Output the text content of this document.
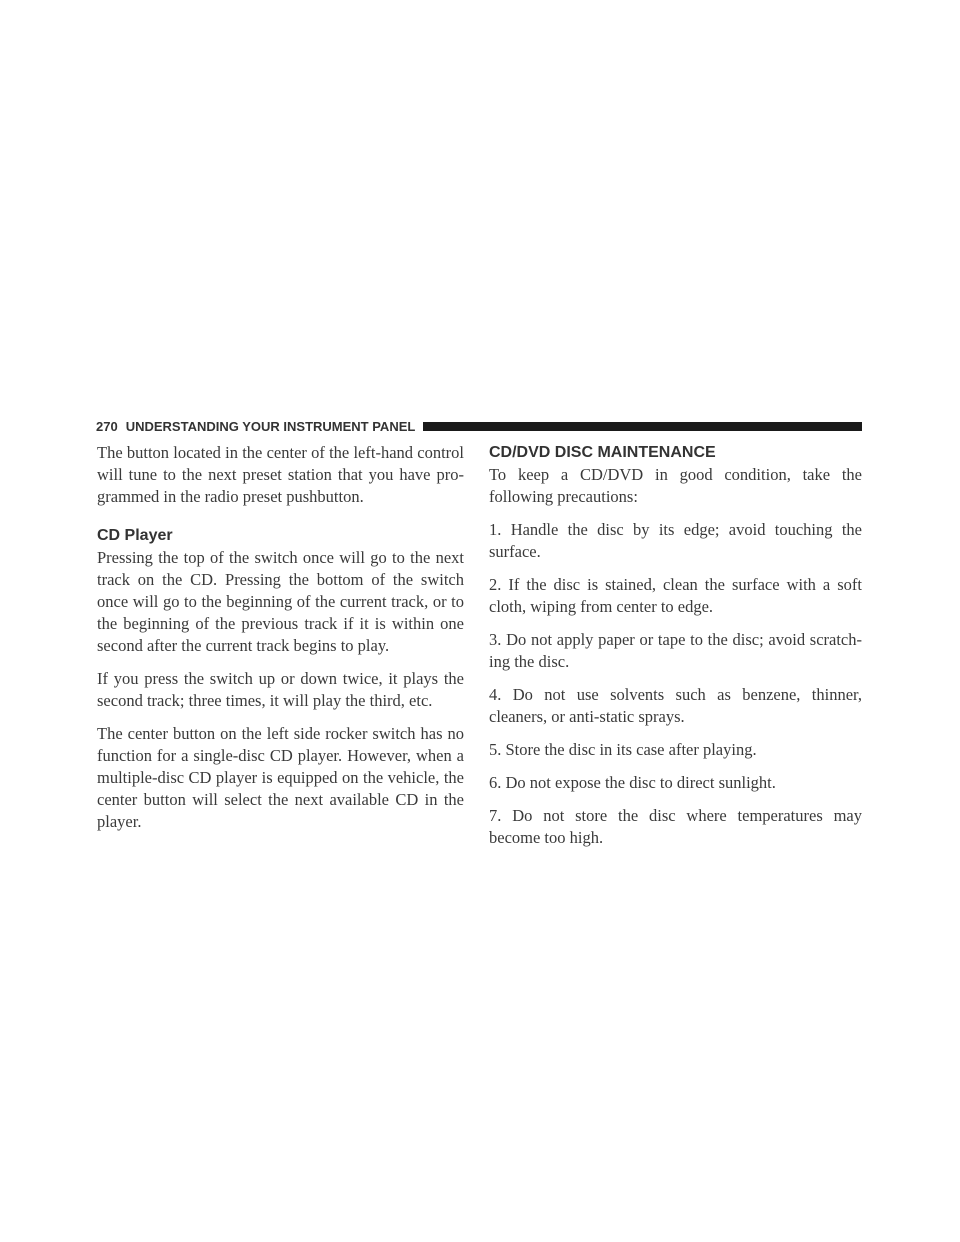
270 UNDERSTANDING YOUR INSTRUMENT PANEL

The button located in the center of the left-hand control will tune to the next preset station that you have pro-grammed in the radio preset pushbutton.

CD Player

Pressing the top of the switch once will go to the next track on the CD. Pressing the bottom of the switch once will go to the beginning of the current track, or to the beginning of the previous track if it is within one second after the current track begins to play.

If you press the switch up or down twice, it plays the second track; three times, it will play the third, etc.

The center button on the left side rocker switch has no function for a single-disc CD player. However, when a multiple-disc CD player is equipped on the vehicle, the center button will select the next available CD in the player.

CD/DVD DISC MAINTENANCE

To keep a CD/DVD in good condition, take the following precautions:

1. Handle the disc by its edge; avoid touching the surface.

2. If the disc is stained, clean the surface with a soft cloth, wiping from center to edge.

3. Do not apply paper or tape to the disc; avoid scratch-ing the disc.

4. Do not use solvents such as benzene, thinner, cleaners, or anti-static sprays.

5. Store the disc in its case after playing.

6. Do not expose the disc to direct sunlight.

7. Do not store the disc where temperatures may become too high.
